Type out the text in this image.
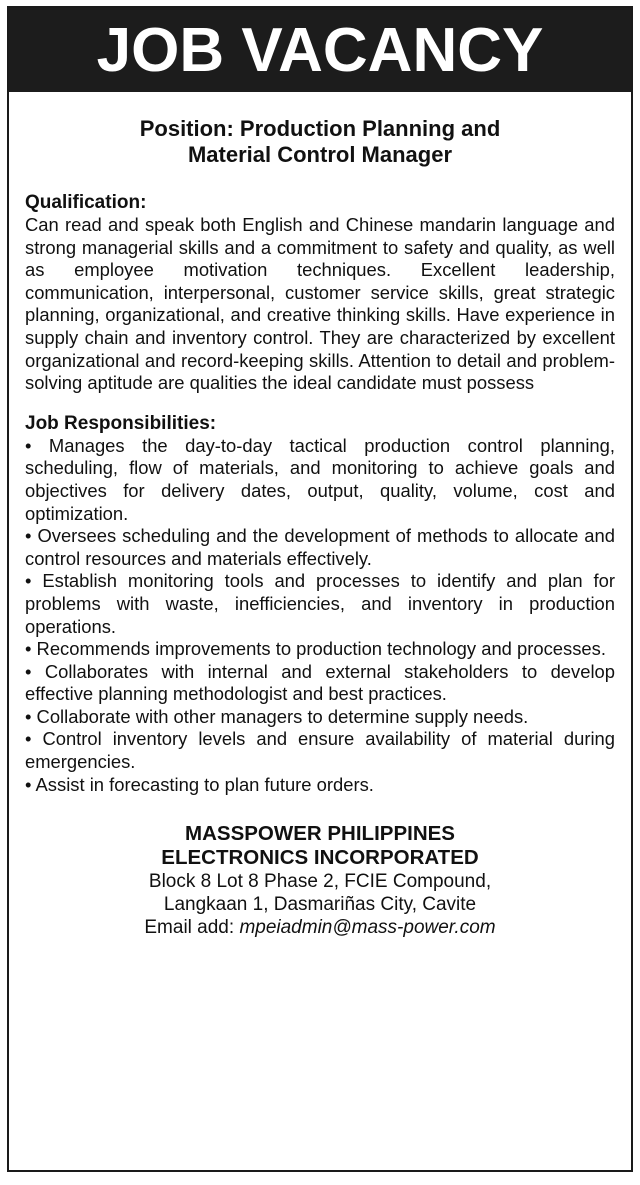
JOB VACANCY
Position: Production Planning and
Material Control Manager
Qualification:
Can read and speak both English and Chinese mandarin language and strong managerial skills and a commitment to safety and quality, as well as employee motivation techniques. Excellent leadership, communication, interpersonal, customer service skills, great strategic planning, organizational, and creative thinking skills. Have experience in supply chain and inventory control. They are characterized by excellent organizational and record-keeping skills. Attention to detail and problem-solving aptitude are qualities the ideal candidate must possess
Job Responsibilities:
• Manages the day-to-day tactical production control planning, scheduling, flow of materials, and monitoring to achieve goals and objectives for delivery dates, output, quality, volume, cost and optimization.
• Oversees scheduling and the development of methods to allocate and control resources and materials effectively.
• Establish monitoring tools and processes to identify and plan for problems with waste, inefficiencies, and inventory in production operations.
• Recommends improvements to production technology and processes.
• Collaborates with internal and external stakeholders to develop effective planning methodologist and best practices.
• Collaborate with other managers to determine supply needs.
• Control inventory levels and ensure availability of material during emergencies.
• Assist in forecasting to plan future orders.
MASSPOWER PHILIPPINES
ELECTRONICS INCORPORATED
Block 8 Lot 8 Phase 2, FCIE Compound,
Langkaan 1, Dasmariñas City, Cavite
Email add: mpeiadmin@mass-power.com
